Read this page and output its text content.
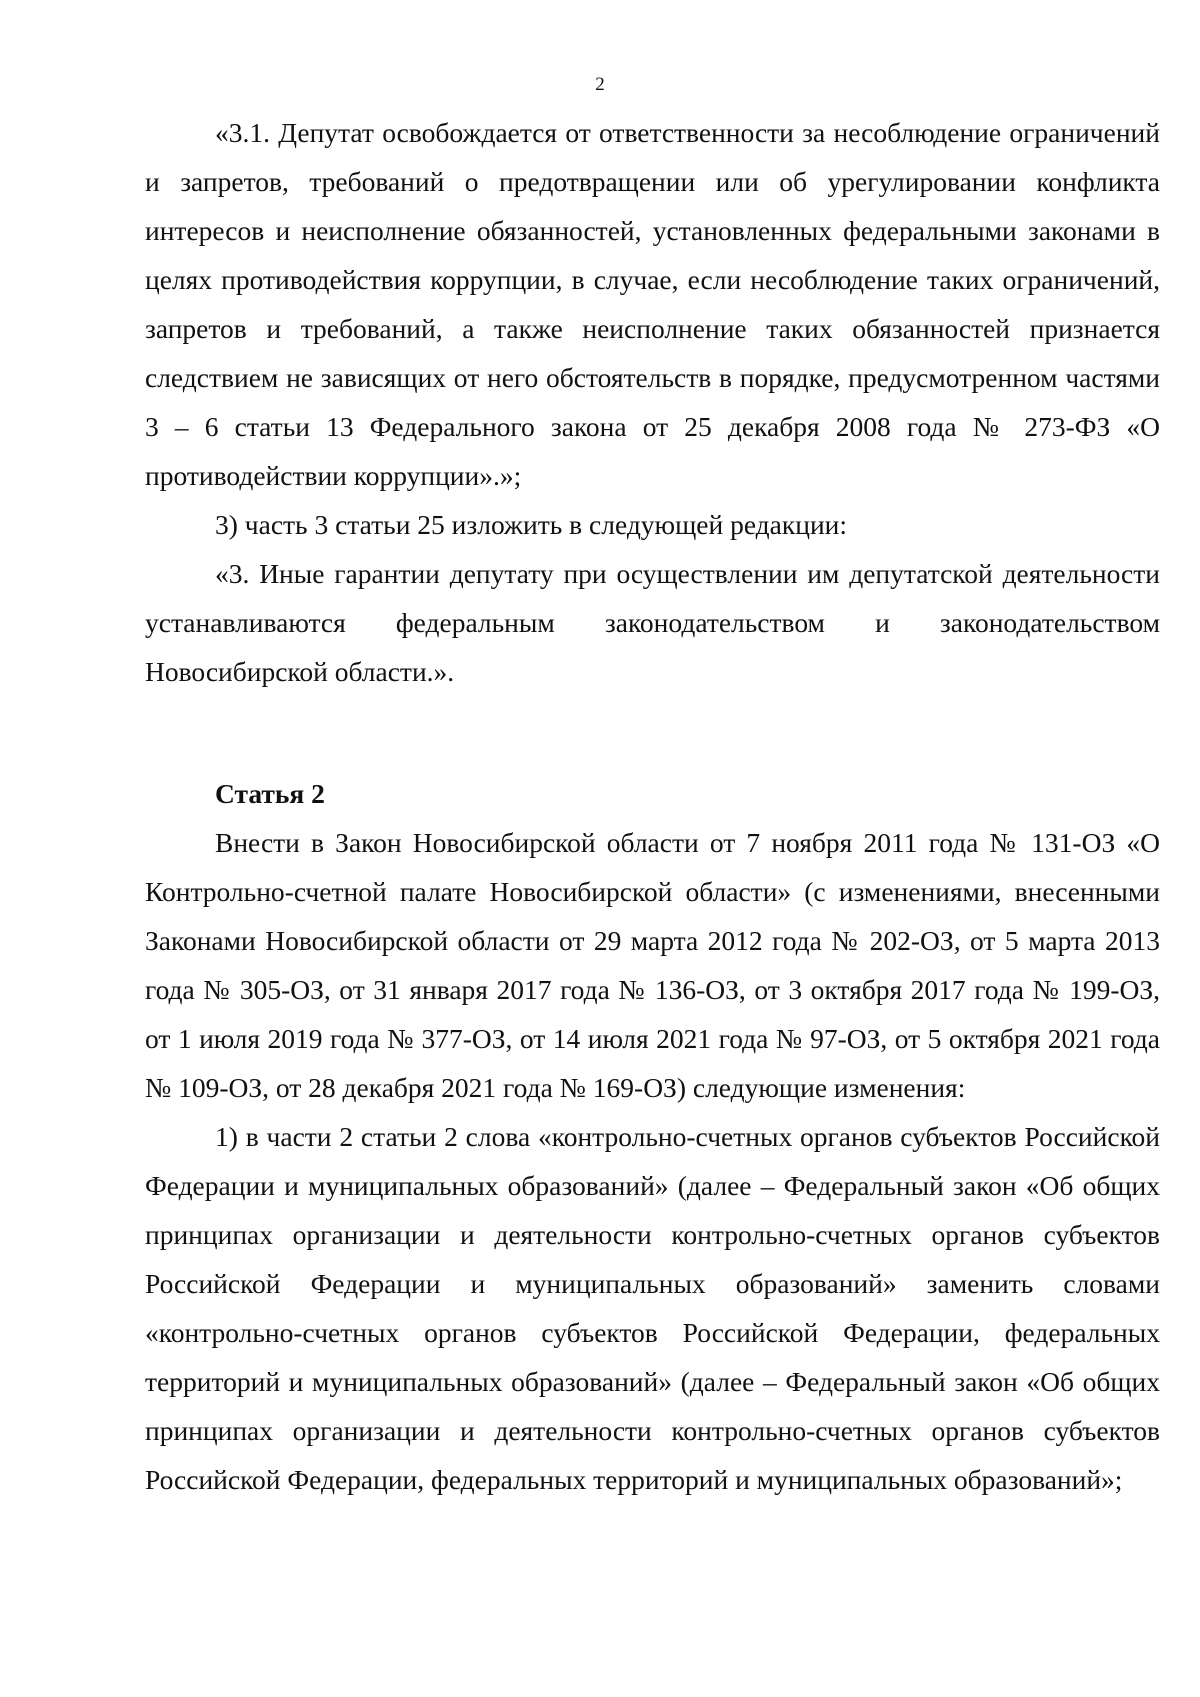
2

«3.1. Депутат освобождается от ответственности за несоблюдение ограничений и запретов, требований о предотвращении или об урегулировании конфликта интересов и неисполнение обязанностей, установленных федеральными законами в целях противодействия коррупции, в случае, если несоблюдение таких ограничений, запретов и требований, а также неисполнение таких обязанностей признается следствием не зависящих от него обстоятельств в порядке, предусмотренном частями 3 – 6 статьи 13 Федерального закона от 25 декабря 2008 года № 273-ФЗ «О противодействии коррупции».»;

3) часть 3 статьи 25 изложить в следующей редакции:

«3. Иные гарантии депутату при осуществлении им депутатской деятельности устанавливаются федеральным законодательством и законодательством Новосибирской области.».

Статья 2

Внести в Закон Новосибирской области от 7 ноября 2011 года № 131-ОЗ «О Контрольно-счетной палате Новосибирской области» (с изменениями, внесенными Законами Новосибирской области от 29 марта 2012 года № 202-ОЗ, от 5 марта 2013 года № 305-ОЗ, от 31 января 2017 года № 136-ОЗ, от 3 октября 2017 года № 199-ОЗ, от 1 июля 2019 года № 377-ОЗ, от 14 июля 2021 года № 97-ОЗ, от 5 октября 2021 года № 109-ОЗ, от 28 декабря 2021 года № 169-ОЗ) следующие изменения:

1) в части 2 статьи 2 слова «контрольно-счетных органов субъектов Российской Федерации и муниципальных образований» (далее – Федеральный закон «Об общих принципах организации и деятельности контрольно-счетных органов субъектов Российской Федерации и муниципальных образований» заменить словами «контрольно-счетных органов субъектов Российской Федерации, федеральных территорий и муниципальных образований» (далее – Федеральный закон «Об общих принципах организации и деятельности контрольно-счетных органов субъектов Российской Федерации, федеральных территорий и муниципальных образований»;
